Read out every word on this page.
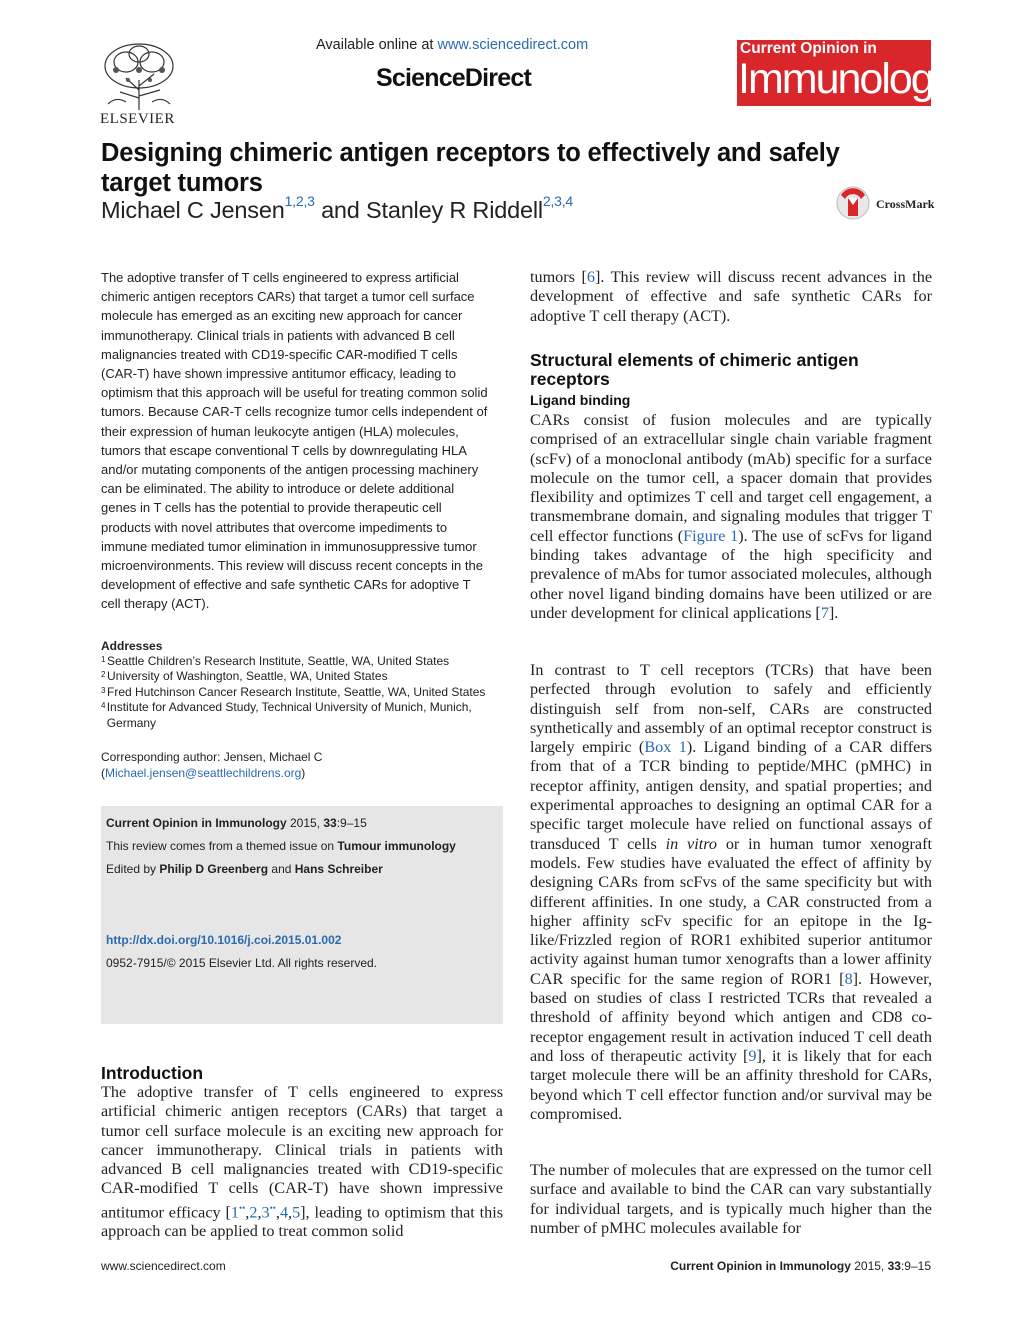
ELSEVIER
Available online at www.sciencedirect.com
ScienceDirect
Current Opinion in
Immunology
Designing chimeric antigen receptors to effectively and safely target tumors
Michael C Jensen$^{1,2,3}$ and Stanley R Riddell$^{2,3,4}$	CrossMark
The adoptive transfer of T cells engineered to express artificial chimeric antigen receptors CARs) that target a tumor cell surface molecule has emerged as an exciting new approach for cancer immunotherapy. Clinical trials in patients with advanced B cell malignancies treated with CD19-specific CAR-modified T cells (CAR-T) have shown impressive antitumor efficacy, leading to optimism that this approach will be useful for treating common solid tumors. Because CAR-T cells recognize tumor cells independent of their expression of human leukocyte antigen (HLA) molecules, tumors that escape conventional T cells by downregulating HLA and/or mutating components of the antigen processing machinery can be eliminated. The ability to introduce or delete additional genes in T cells has the potential to provide therapeutic cell products with novel attributes that overcome impediments to immune mediated tumor elimination in immunosuppressive tumor microenvironments. This review will discuss recent concepts in the development of effective and safe synthetic CARs for adoptive T cell therapy (ACT).
Addresses
1 Seattle Children’s Research Institute, Seattle, WA, United States
2 University of Washington, Seattle, WA, United States
3 Fred Hutchinson Cancer Research Institute, Seattle, WA, United States
4 Institute for Advanced Study, Technical University of Munich, Munich, Germany
Corresponding author: Jensen, Michael C
(Michael.jensen@seattlechildrens.org)
Current Opinion in Immunology 2015, 33:9–15
This review comes from a themed issue on Tumour immunology
Edited by Philip D Greenberg and Hans Schreiber
http://dx.doi.org/10.1016/j.coi.2015.01.002
0952-7915/© 2015 Elsevier Ltd. All rights reserved.
Introduction
The adoptive transfer of T cells engineered to express artificial chimeric antigen receptors (CARs) that target a tumor cell surface molecule is an exciting new approach for cancer immunotherapy. Clinical trials in patients with advanced B cell malignancies treated with CD19-specific CAR-modified T cells (CAR-T) have shown impressive antitumor efficacy [1••,2,3••,4,5], leading to optimism that this approach can be applied to treat common solid
tumors [6]. This review will discuss recent advances in the development of effective and safe synthetic CARs for adoptive T cell therapy (ACT).
Structural elements of chimeric antigen receptors
Ligand binding
CARs consist of fusion molecules and are typically comprised of an extracellular single chain variable fragment (scFv) of a monoclonal antibody (mAb) specific for a surface molecule on the tumor cell, a spacer domain that provides flexibility and optimizes T cell and target cell engagement, a transmembrane domain, and signaling modules that trigger T cell effector functions (Figure 1). The use of scFvs for ligand binding takes advantage of the high specificity and prevalence of mAbs for tumor associated molecules, although other novel ligand binding domains have been utilized or are under development for clinical applications [7].
In contrast to T cell receptors (TCRs) that have been perfected through evolution to safely and efficiently distinguish self from non-self, CARs are constructed synthetically and assembly of an optimal receptor construct is largely empiric (Box 1). Ligand binding of a CAR differs from that of a TCR binding to peptide/MHC (pMHC) in receptor affinity, antigen density, and spatial properties; and experimental approaches to designing an optimal CAR for a specific target molecule have relied on functional assays of transduced T cells in vitro or in human tumor xenograft models. Few studies have evaluated the effect of affinity by designing CARs from scFvs of the same specificity but with different affinities. In one study, a CAR constructed from a higher affinity scFv specific for an epitope in the Ig-like/Frizzled region of ROR1 exhibited superior antitumor activity against human tumor xenografts than a lower affinity CAR specific for the same region of ROR1 [8]. However, based on studies of class I restricted TCRs that revealed a threshold of affinity beyond which antigen and CD8 co-receptor engagement result in activation induced T cell death and loss of therapeutic activity [9], it is likely that for each target molecule there will be an affinity threshold for CARs, beyond which T cell effector function and/or survival may be compromised.
The number of molecules that are expressed on the tumor cell surface and available to bind the CAR can vary substantially for individual targets, and is typically much higher than the number of pMHC molecules available for
www.sciencedirect.com	Current Opinion in Immunology 2015, 33:9–15
